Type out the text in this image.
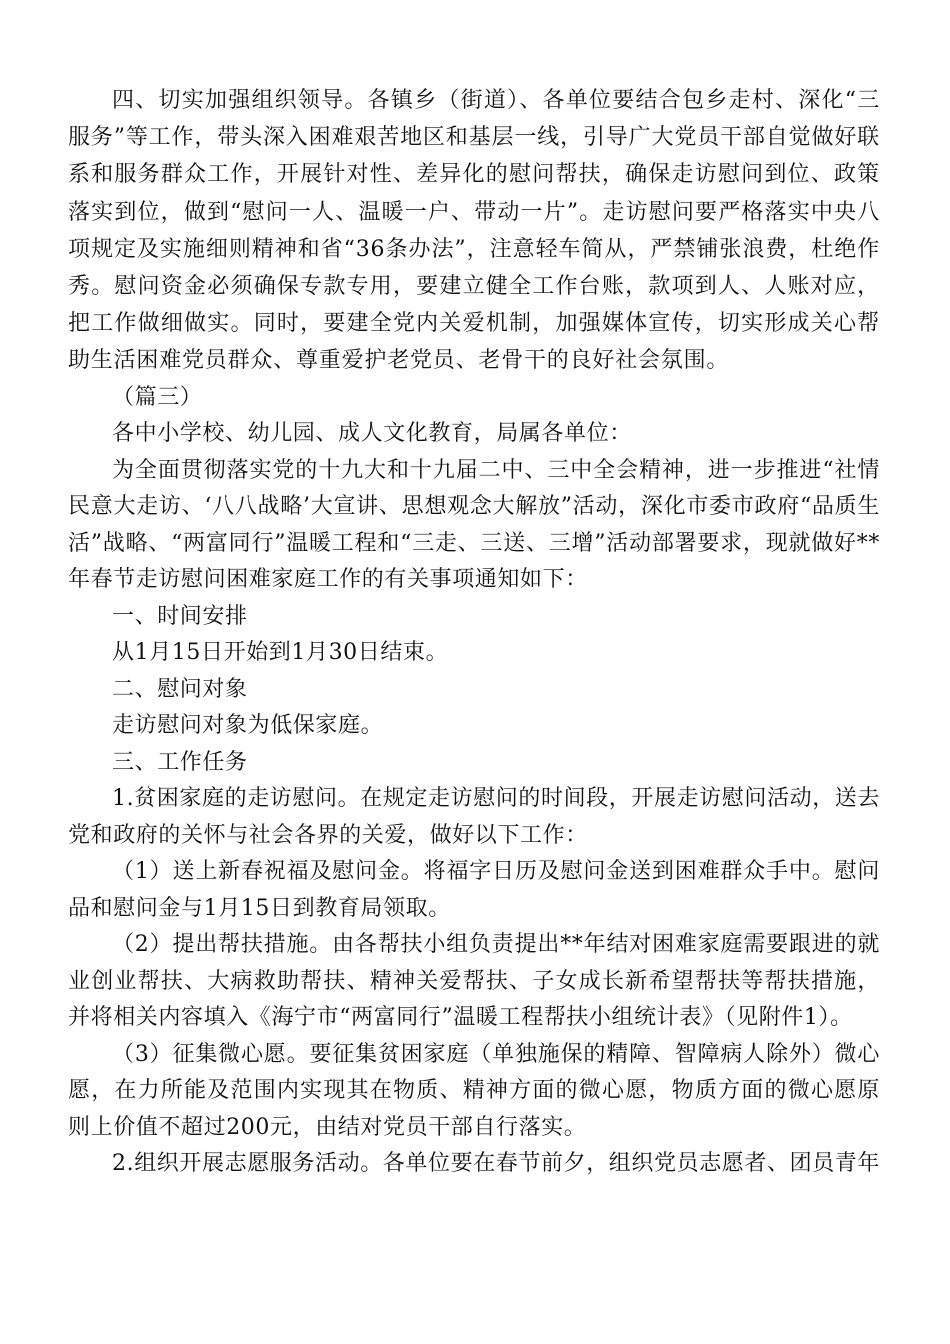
四、切实加强组织领导。各镇乡（街道）、各单位要结合包乡走村、深化“三服务”等工作，带头深入困难艰苦地区和基层一线，引导广大党员干部自觉做好联系和服务群众工作，开展针对性、差异化的慰问帮扶，确保走访慰问到位、政策落实到位，做到“慰问一人、温暖一户、带动一片”。走访慰问要严格落实中央八项规定及实施细则精神和省“36条办法”，注意轻车简从，严禁铺张浪费，杜绝作秀。慰问资金必须确保专款专用，要建立健全工作台账，款项到人、人账对应，把工作做细做实。同时，要建全党内关爱机制，加强媒体宣传，切实形成关心帮助生活困难党员群众、尊重爱护老党员、老骨干的良好社会氛围。

（篇三）

各中小学校、幼儿园、成人文化教育，局属各单位：

为全面贯彻落实党的十九大和十九届二中、三中全会精神，进一步推进“社情民意大走访、‘八八战略’大宣讲、思想观念大解放”活动，深化市委市政府“品质生活”战略、“两富同行”温暖工程和“三走、三送、三增”活动部署要求，现就做好**年春节走访慰问困难家庭工作的有关事项通知如下：

一、时间安排

从1月15日开始到1月30日结束。

二、慰问对象

走访慰问对象为低保家庭。

三、工作任务

1.贫困家庭的走访慰问。在规定走访慰问的时间段，开展走访慰问活动，送去党和政府的关怀与社会各界的关爱，做好以下工作：

（1）送上新春祝福及慰问金。将福字日历及慰问金送到困难群众手中。慰问品和慰问金与1月15日到教育局领取。

（2）提出帮扶措施。由各帮扶小组负责提出**年结对困难家庭需要跟进的就业创业帮扶、大病救助帮扶、精神关爱帮扶、子女成长新希望帮扶等帮扶措施，并将相关内容填入《海宁市“两富同行”温暖工程帮扶小组统计表》（见附件1）。

（3）征集微心愿。要征集贫困家庭（单独施保的精障、智障病人除外）微心愿，在力所能及范围内实现其在物质、精神方面的微心愿，物质方面的微心愿原则上价值不超过200元，由结对党员干部自行落实。

2.组织开展志愿服务活动。各单位要在春节前夕，组织党员志愿者、团员青年
